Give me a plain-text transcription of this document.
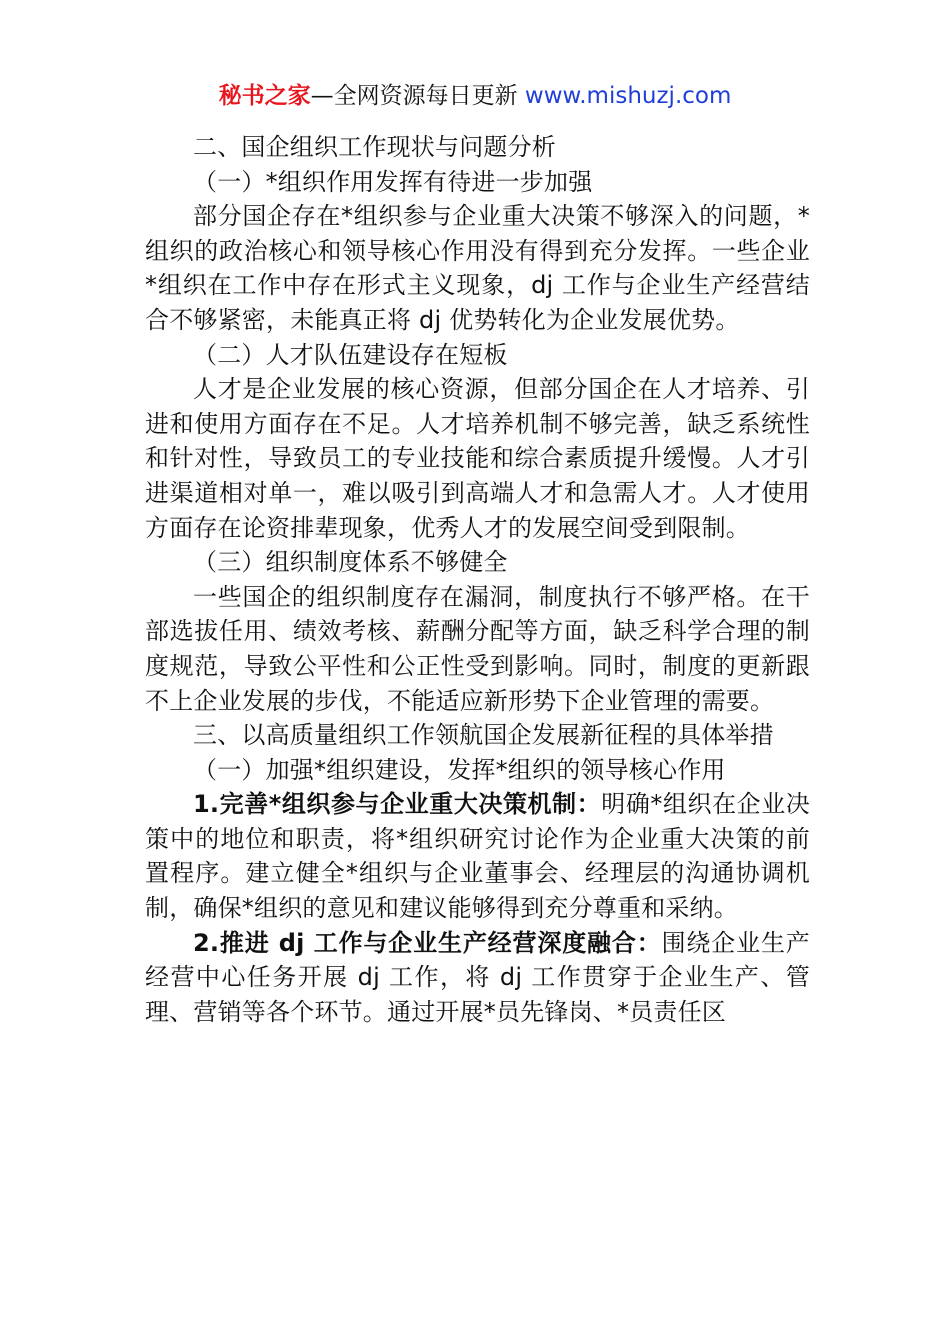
秘书之家—全网资源每日更新 www.mishuzj.com

二、国企组织工作现状与问题分析

（一）*组织作用发挥有待进一步加强

部分国企存在*组织参与企业重大决策不够深入的问题，*组织的政治核心和领导核心作用没有得到充分发挥。一些企业*组织在工作中存在形式主义现象，dj 工作与企业生产经营结合不够紧密，未能真正将 dj 优势转化为企业发展优势。

（二）人才队伍建设存在短板

人才是企业发展的核心资源，但部分国企在人才培养、引进和使用方面存在不足。人才培养机制不够完善，缺乏系统性和针对性，导致员工的专业技能和综合素质提升缓慢。人才引进渠道相对单一，难以吸引到高端人才和急需人才。人才使用方面存在论资排辈现象，优秀人才的发展空间受到限制。

（三）组织制度体系不够健全

一些国企的组织制度存在漏洞，制度执行不够严格。在干部选拔任用、绩效考核、薪酬分配等方面，缺乏科学合理的制度规范，导致公平性和公正性受到影响。同时，制度的更新跟不上企业发展的步伐，不能适应新形势下企业管理的需要。

三、以高质量组织工作领航国企发展新征程的具体举措

（一）加强*组织建设，发挥*组织的领导核心作用

1.完善*组织参与企业重大决策机制：明确*组织在企业决策中的地位和职责，将*组织研究讨论作为企业重大决策的前置程序。建立健全*组织与企业董事会、经理层的沟通协调机制，确保*组织的意见和建议能够得到充分尊重和采纳。

2.推进 dj 工作与企业生产经营深度融合：围绕企业生产经营中心任务开展 dj 工作，将 dj 工作贯穿于企业生产、管理、营销等各个环节。通过开展*员先锋岗、*员责任区
